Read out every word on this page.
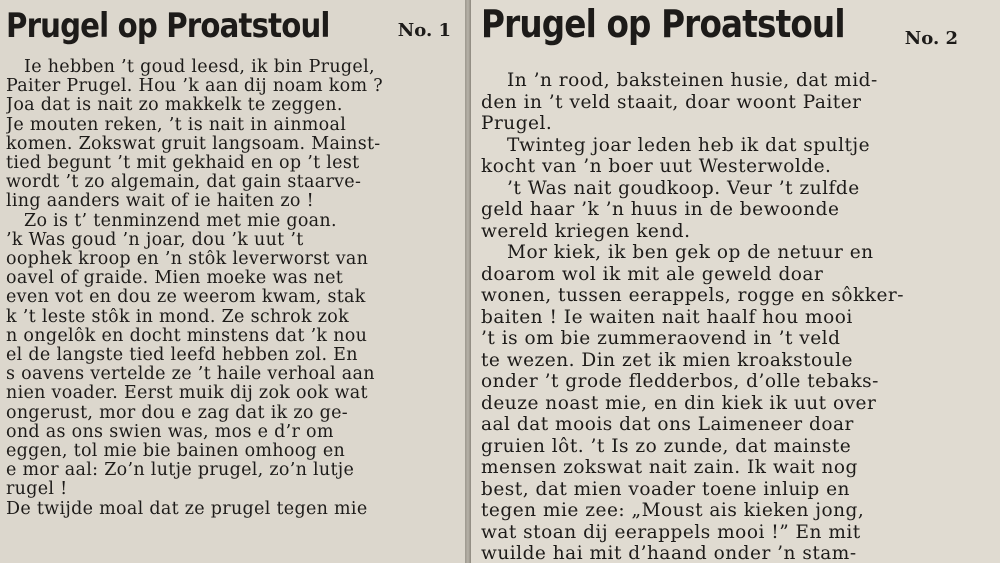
Prugel op Proatstoul	No. 1
Ie hebben ’t goud leesd, ik bin Prugel,
Paiter Prugel. Hou ’k aan dij noam kom ?
Joa dat is nait zo makkelk te zeggen.
Je mouten reken, ’t is nait in ainmoal
komen. Zokswat gruit langsoam. Mainst-
tied begunt ’t mit gekhaid en op ’t lest
wordt ’t zo algemain, dat gain staarve-
ling aanders wait of ie haiten zo !
Zo is t’ tenminzend met mie goan.
’k Was goud ’n joar, dou ’k uut ’t
oophek kroop en ’n stôk leverworst van
oavel of graide. Mien moeke was net
even vot en dou ze weerom kwam, stak
k ’t leste stôk in mond. Ze schrok zok
n ongelôk en docht minstens dat ’k nou
el de langste tied leefd hebben zol. En
s oavens vertelde ze ’t haile verhoal aan
nien voader. Eerst muik dij zok ook wat
ongerust, mor dou e zag dat ik zo ge-
ond as ons swien was, mos e d’r om
eggen, tol mie bie bainen omhoog en
e mor aal: Zo’n lutje prugel, zo’n lutje
rugel !
De twijde moal dat ze prugel tegen mie
Prugel op Proatstoul	No. 2
In ’n rood, baksteinen husie, dat mid-
den in ’t veld staait, doar woont Paiter
Prugel.
Twinteg joar leden heb ik dat spultje
kocht van ’n boer uut Westerwolde.
’t Was nait goudkoop. Veur ’t zulfde
geld haar ’k ’n huus in de bewoonde
wereld kriegen kend.
Mor kiek, ik ben gek op de netuur en
doarom wol ik mit ale geweld doar
wonen, tussen eerappels, rogge en sôkker-
baiten ! Ie waiten nait haalf hou mooi
’t is om bie zummeraovend in ’t veld
te wezen. Din zet ik mien kroakstoule
onder ’t grode fledderbos, d’olle tebaks-
deuze noast mie, en din kiek ik uut over
aal dat moois dat ons Laimeneer doar
gruien lôt. ’t Is zo zunde, dat mainste
mensen zokswat nait zain. Ik wait nog
best, dat mien voader toene inluip en
tegen mie zee: „Moust ais kieken jong,
wat stoan dij eerappels mooi !” En mit
wuilde hai mit d’haand onder ’n stam-
